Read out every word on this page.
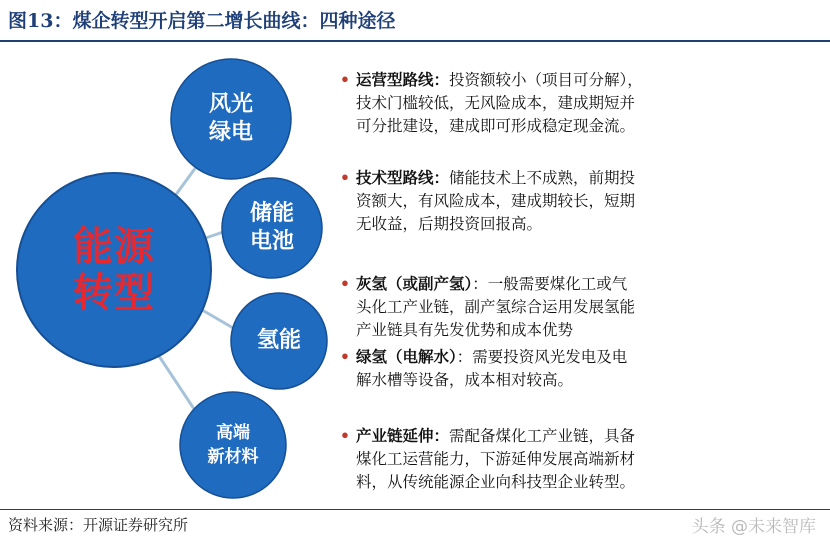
图13：煤企转型开启第二增长曲线：四种途径
能源
转型
风光
绿电
储能
电池
氢能
高端
新材料
• 运营型路线：投资额较小（项目可分解），
技术门槛较低，无风险成本，建成期短并
可分批建设，建成即可形成稳定现金流。
• 技术型路线：储能技术上不成熟，前期投
资额大，有风险成本，建成期较长，短期
无收益，后期投资回报高。
• 灰氢（或副产氢）：一般需要煤化工或气
头化工产业链，副产氢综合运用发展氢能
产业链具有先发优势和成本优势
• 绿氢（电解水）：需要投资风光发电及电
解水槽等设备，成本相对较高。
• 产业链延伸：需配备煤化工产业链，具备
煤化工运营能力，下游延伸发展高端新材
料，从传统能源企业向科技型企业转型。
资料来源：开源证券研究所	头条 @未来智库
